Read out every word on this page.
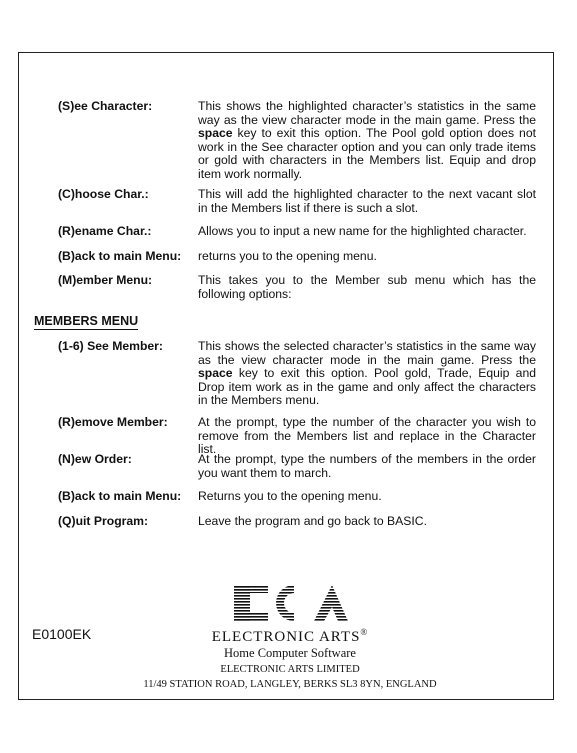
(S)ee Character:	This shows the highlighted character’s statistics in the same way as the view character mode in the main game. Press the space key to exit this option. The Pool gold option does not work in the See character option and you can only trade items or gold with characters in the Members list. Equip and drop item work normally.
(C)hoose Char.:	This will add the highlighted character to the next vacant slot in the Members list if there is such a slot.
(R)ename Char.:	Allows you to input a new name for the highlighted character.
(B)ack to main Menu:	returns you to the opening menu.
(M)ember Menu:	This takes you to the Member sub menu which has the following options:
MEMBERS MENU
(1-6) See Member:	This shows the selected character’s statistics in the same way as the view character mode in the main game. Press the space key to exit this option. Pool gold, Trade, Equip and Drop item work as in the game and only affect the characters in the Members menu.
(R)emove Member:	At the prompt, type the number of the character you wish to remove from the Members list and replace in the Character list.
(N)ew Order:	At the prompt, type the numbers of the members in the order you want them to march.
(B)ack to main Menu:	Returns you to the opening menu.
(Q)uit Program:	Leave the program and go back to BASIC.
E0100EK	ELECTRONIC ARTS®
Home Computer Software
ELECTRONIC ARTS LIMITED
11/49 STATION ROAD, LANGLEY, BERKS SL3 8YN, ENGLAND
